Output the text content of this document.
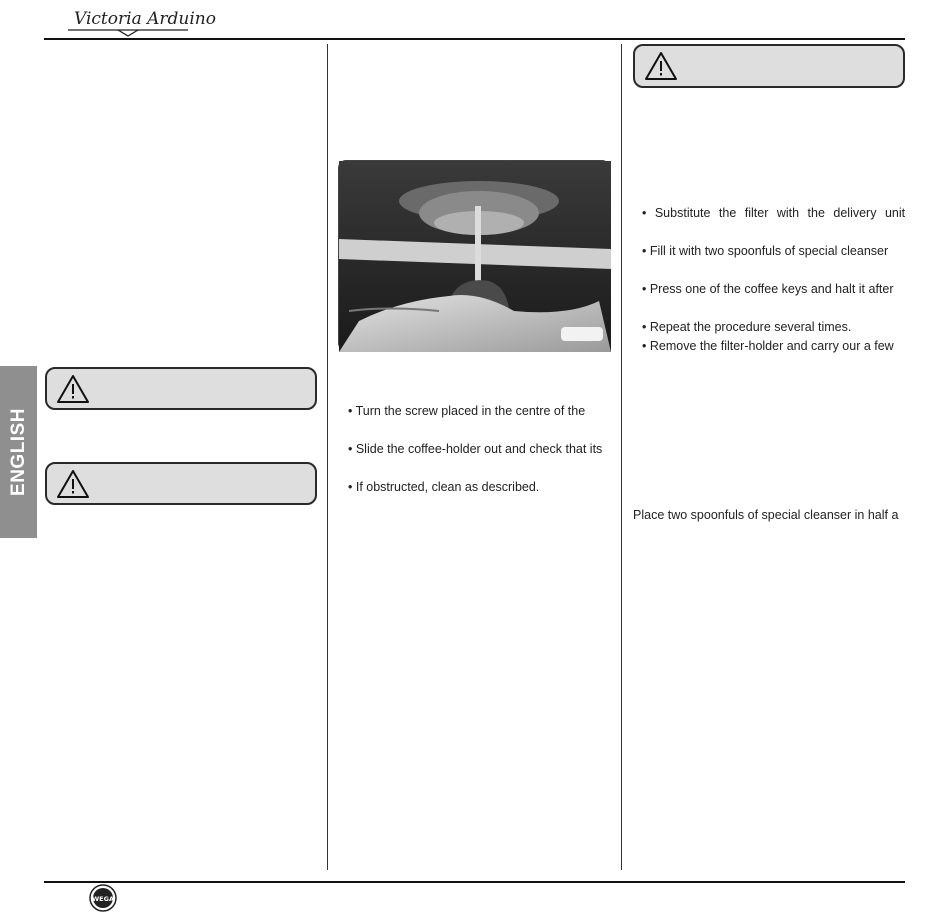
Victoria Arduino
ENGLISH	• Turn the screw placed in the centre of the
• Slide the coffee-holder out and check that its
• If obstructed, clean as described.
• Substitute the filter with the delivery unit
• Fill it with two spoonfuls of special cleanser
• Press one of the coffee keys and halt it after
• Repeat the procedure several times.
• Remove the filter-holder and carry our a few
Place two spoonfuls of special cleanser in half a
WEGA
